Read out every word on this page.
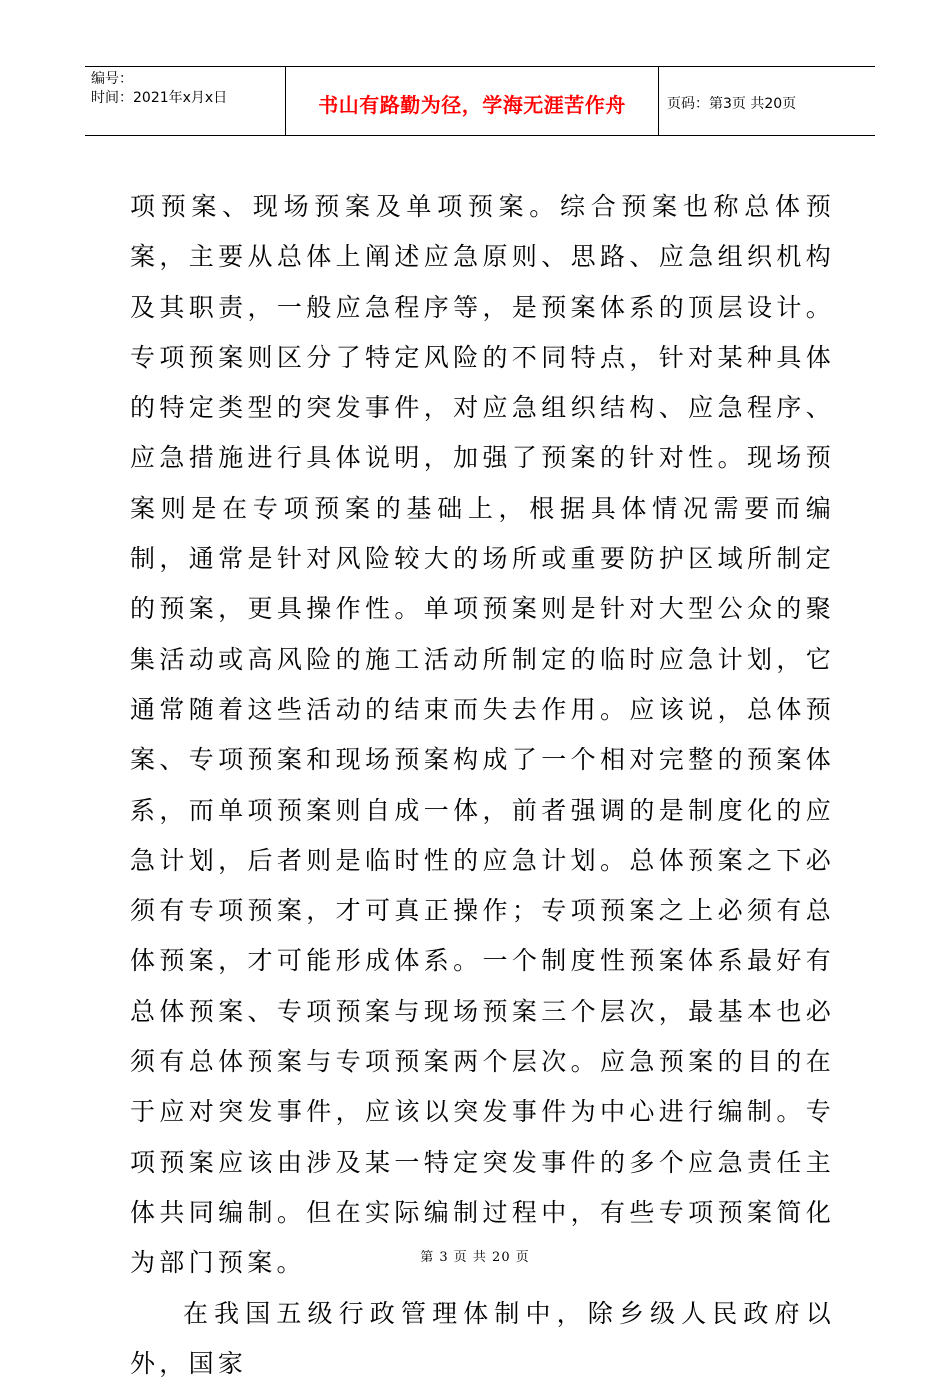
编号：
时间：2021年x月x日	书山有路勤为径，学海无涯苦作舟	页码：第3页 共20页

项预案、现场预案及单项预案。综合预案也称总体预案，主要从总体上阐述应急原则、思路、应急组织机构及其职责，一般应急程序等，是预案体系的顶层设计。专项预案则区分了特定风险的不同特点，针对某种具体的特定类型的突发事件，对应急组织结构、应急程序、应急措施进行具体说明，加强了预案的针对性。现场预案则是在专项预案的基础上，根据具体情况需要而编制，通常是针对风险较大的场所或重要防护区域所制定的预案，更具操作性。单项预案则是针对大型公众的聚集活动或高风险的施工活动所制定的临时应急计划，它通常随着这些活动的结束而失去作用。应该说，总体预案、专项预案和现场预案构成了一个相对完整的预案体系，而单项预案则自成一体，前者强调的是制度化的应急计划，后者则是临时性的应急计划。总体预案之下必须有专项预案，才可真正操作；专项预案之上必须有总体预案，才可能形成体系。一个制度性预案体系最好有总体预案、专项预案与现场预案三个层次，最基本也必须有总体预案与专项预案两个层次。应急预案的目的在于应对突发事件，应该以突发事件为中心进行编制。专项预案应该由涉及某一特定突发事件的多个应急责任主体共同编制。但在实际编制过程中，有些专项预案简化为部门预案。

在我国五级行政管理体制中，除乡级人民政府以外，国家

第 3 页 共 20 页
